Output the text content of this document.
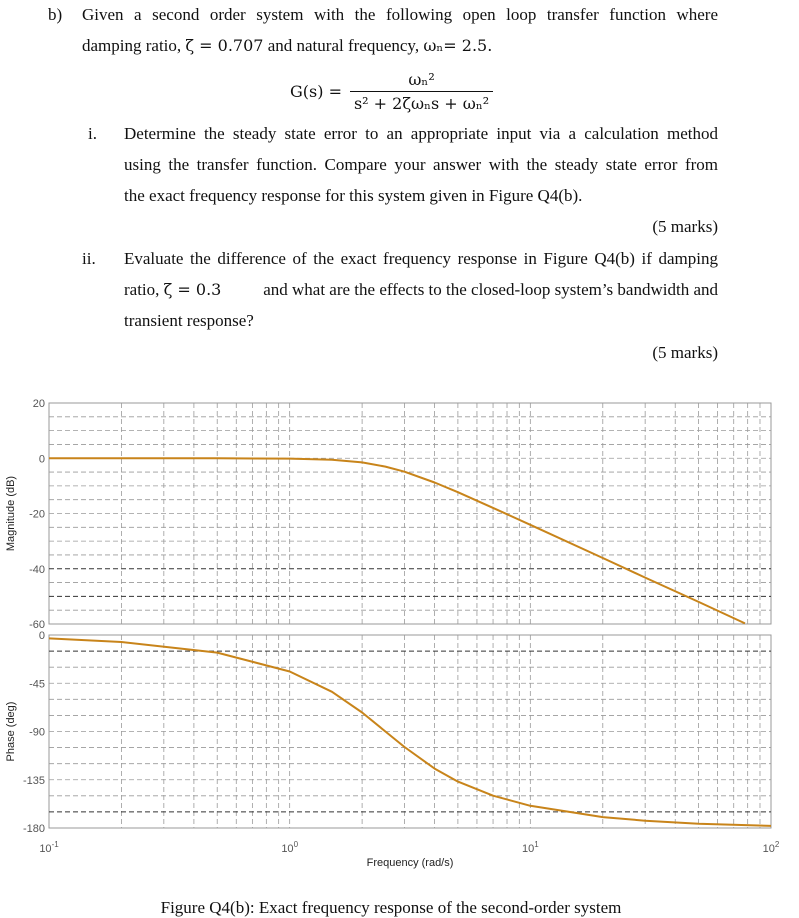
b) Given a second order system with the following open loop transfer function where
damping ratio, ζ = 0.707 and natural frequency, ωₙ= 2.5.
$G(s) = \frac{\text{ωₙ²}}{\text{s² + 2ζωₙs + ωₙ²}}$
i. Determine the steady state error to an appropriate input via a calculation method
using the transfer function. Compare your answer with the steady state error from
the exact frequency response for this system given in Figure Q4(b).
(5 marks)
ii. Evaluate the difference of the exact frequency response in Figure Q4(b) if damping
ratio, ζ = 0.3 and what are the effects to the closed-loop system’s bandwidth and
transient response?
(5 marks)
20
0
-20
-40
-60
Magnitude (dB)
0
-45
-90
-135
-180
Phase (deg)
$10^{-1}$	$10^0$	$10^1$	$10^2$
Frequency (rad/s)
Figure Q4(b): Exact frequency response of the second-order system
